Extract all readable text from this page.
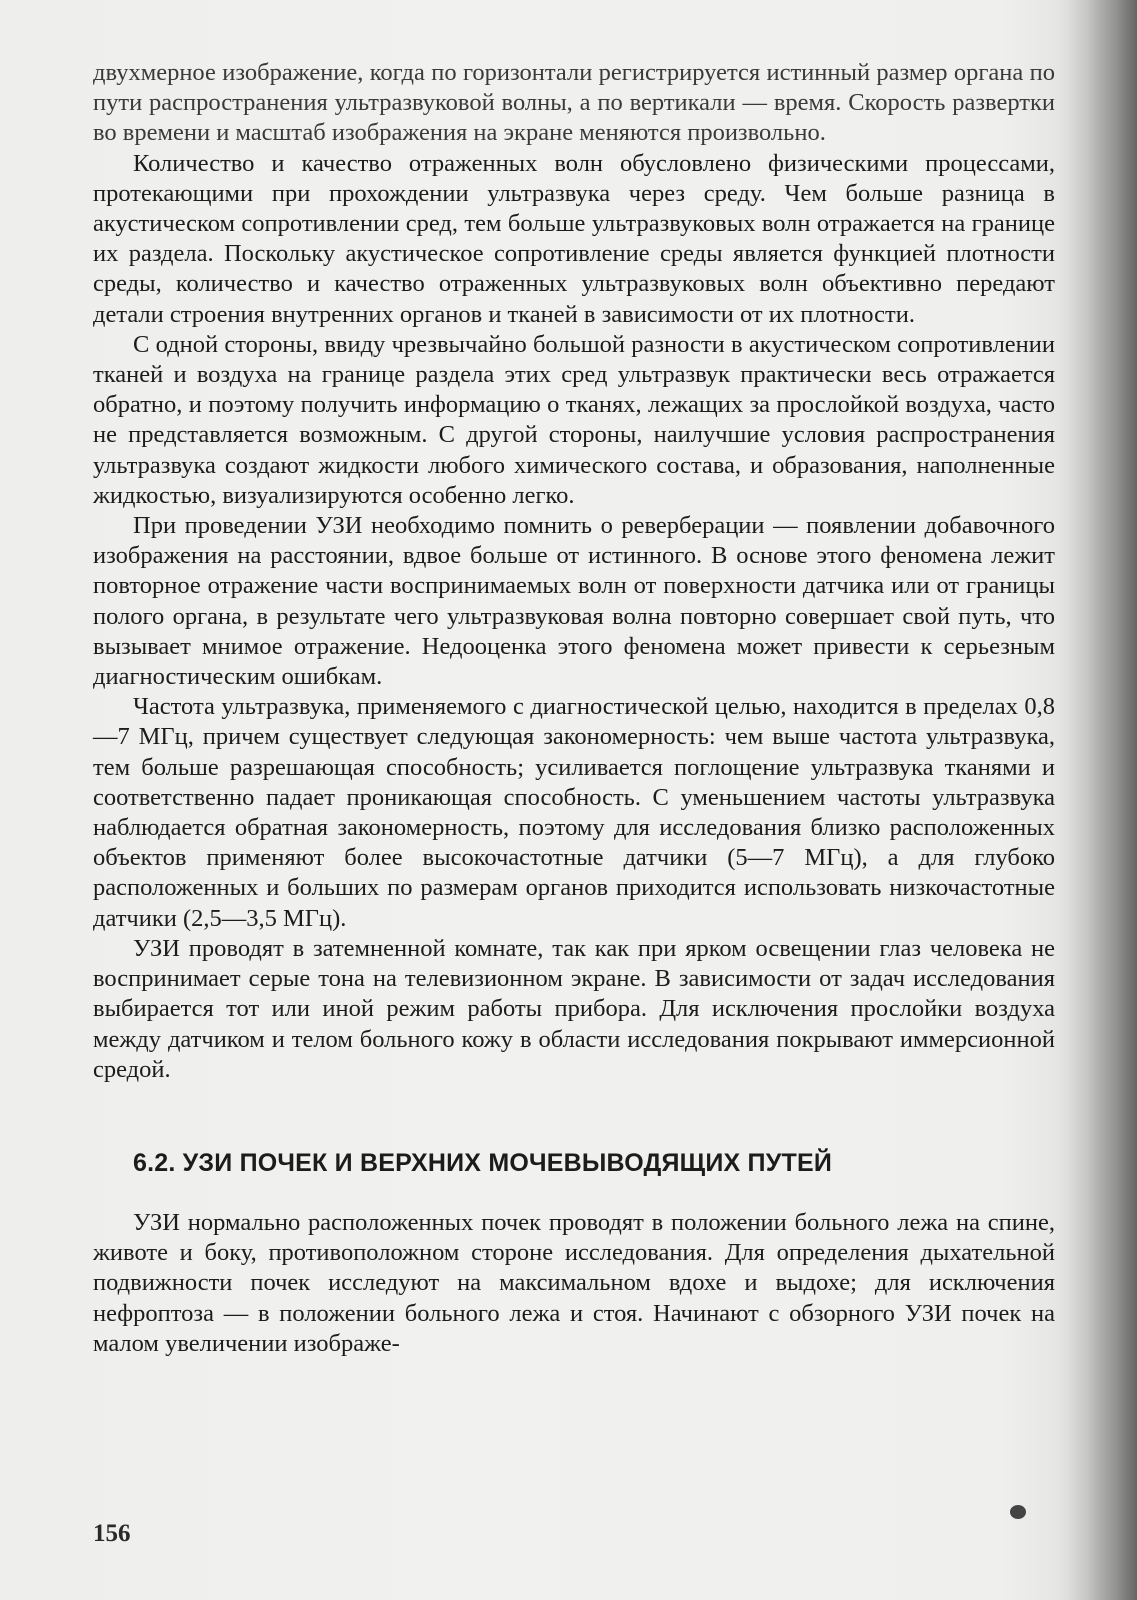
двухмерное изображение, когда по горизонтали регистрируется истинный размер органа по пути распространения ультразвуковой волны, а по вертикали — время. Скорость развертки во времени и масштаб изображения на экране меняются произвольно.

Количество и качество отраженных волн обусловлено физическими процессами, протекающими при прохождении ультразвука через среду. Чем больше разница в акустическом сопротивлении сред, тем больше ультразвуковых волн отражается на границе их раздела. Поскольку акустическое сопротивление среды является функцией плотности среды, количество и качество отраженных ультразвуковых волн объективно передают детали строения внутренних органов и тканей в зависимости от их плотности.

С одной стороны, ввиду чрезвычайно большой разности в акустическом сопротивлении тканей и воздуха на границе раздела этих сред ультразвук практически весь отражается обратно, и поэтому получить информацию о тканях, лежащих за прослойкой воздуха, часто не представляется возможным. С другой стороны, наилучшие условия распространения ультразвука создают жидкости любого химического состава, и образования, наполненные жидкостью, визуализируются особенно легко.

При проведении УЗИ необходимо помнить о реверберации — появлении добавочного изображения на расстоянии, вдвое больше от истинного. В основе этого феномена лежит повторное отражение части воспринимаемых волн от поверхности датчика или от границы полого органа, в результате чего ультразвуковая волна повторно совершает свой путь, что вызывает мнимое отражение. Недооценка этого феномена может привести к серьезным диагностическим ошибкам.

Частота ультразвука, применяемого с диагностической целью, находится в пределах 0,8—7 МГц, причем существует следующая закономерность: чем выше частота ультразвука, тем больше разрешающая способность; усиливается поглощение ультразвука тканями и соответственно падает проникающая способность. С уменьшением частоты ультразвука наблюдается обратная закономерность, поэтому для исследования близко расположенных объектов применяют более высокочастотные датчики (5—7 МГц), а для глубоко расположенных и больших по размерам органов приходится использовать низкочастотные датчики (2,5—3,5 МГц).

УЗИ проводят в затемненной комнате, так как при ярком освещении глаз человека не воспринимает серые тона на телевизионном экране. В зависимости от задач исследования выбирается тот или иной режим работы прибора. Для исключения прослойки воздуха между датчиком и телом больного кожу в области исследования покрывают иммерсионной средой.

6.2. УЗИ ПОЧЕК И ВЕРХНИХ МОЧЕВЫВОДЯЩИХ ПУТЕЙ

УЗИ нормально расположенных почек проводят в положении больного лежа на спине, животе и боку, противоположном стороне исследования. Для определения дыхательной подвижности почек исследуют на максимальном вдохе и выдохе; для исключения нефроптоза — в положении больного лежа и стоя. Начинают с обзорного УЗИ почек на малом увеличении изображе-

156
